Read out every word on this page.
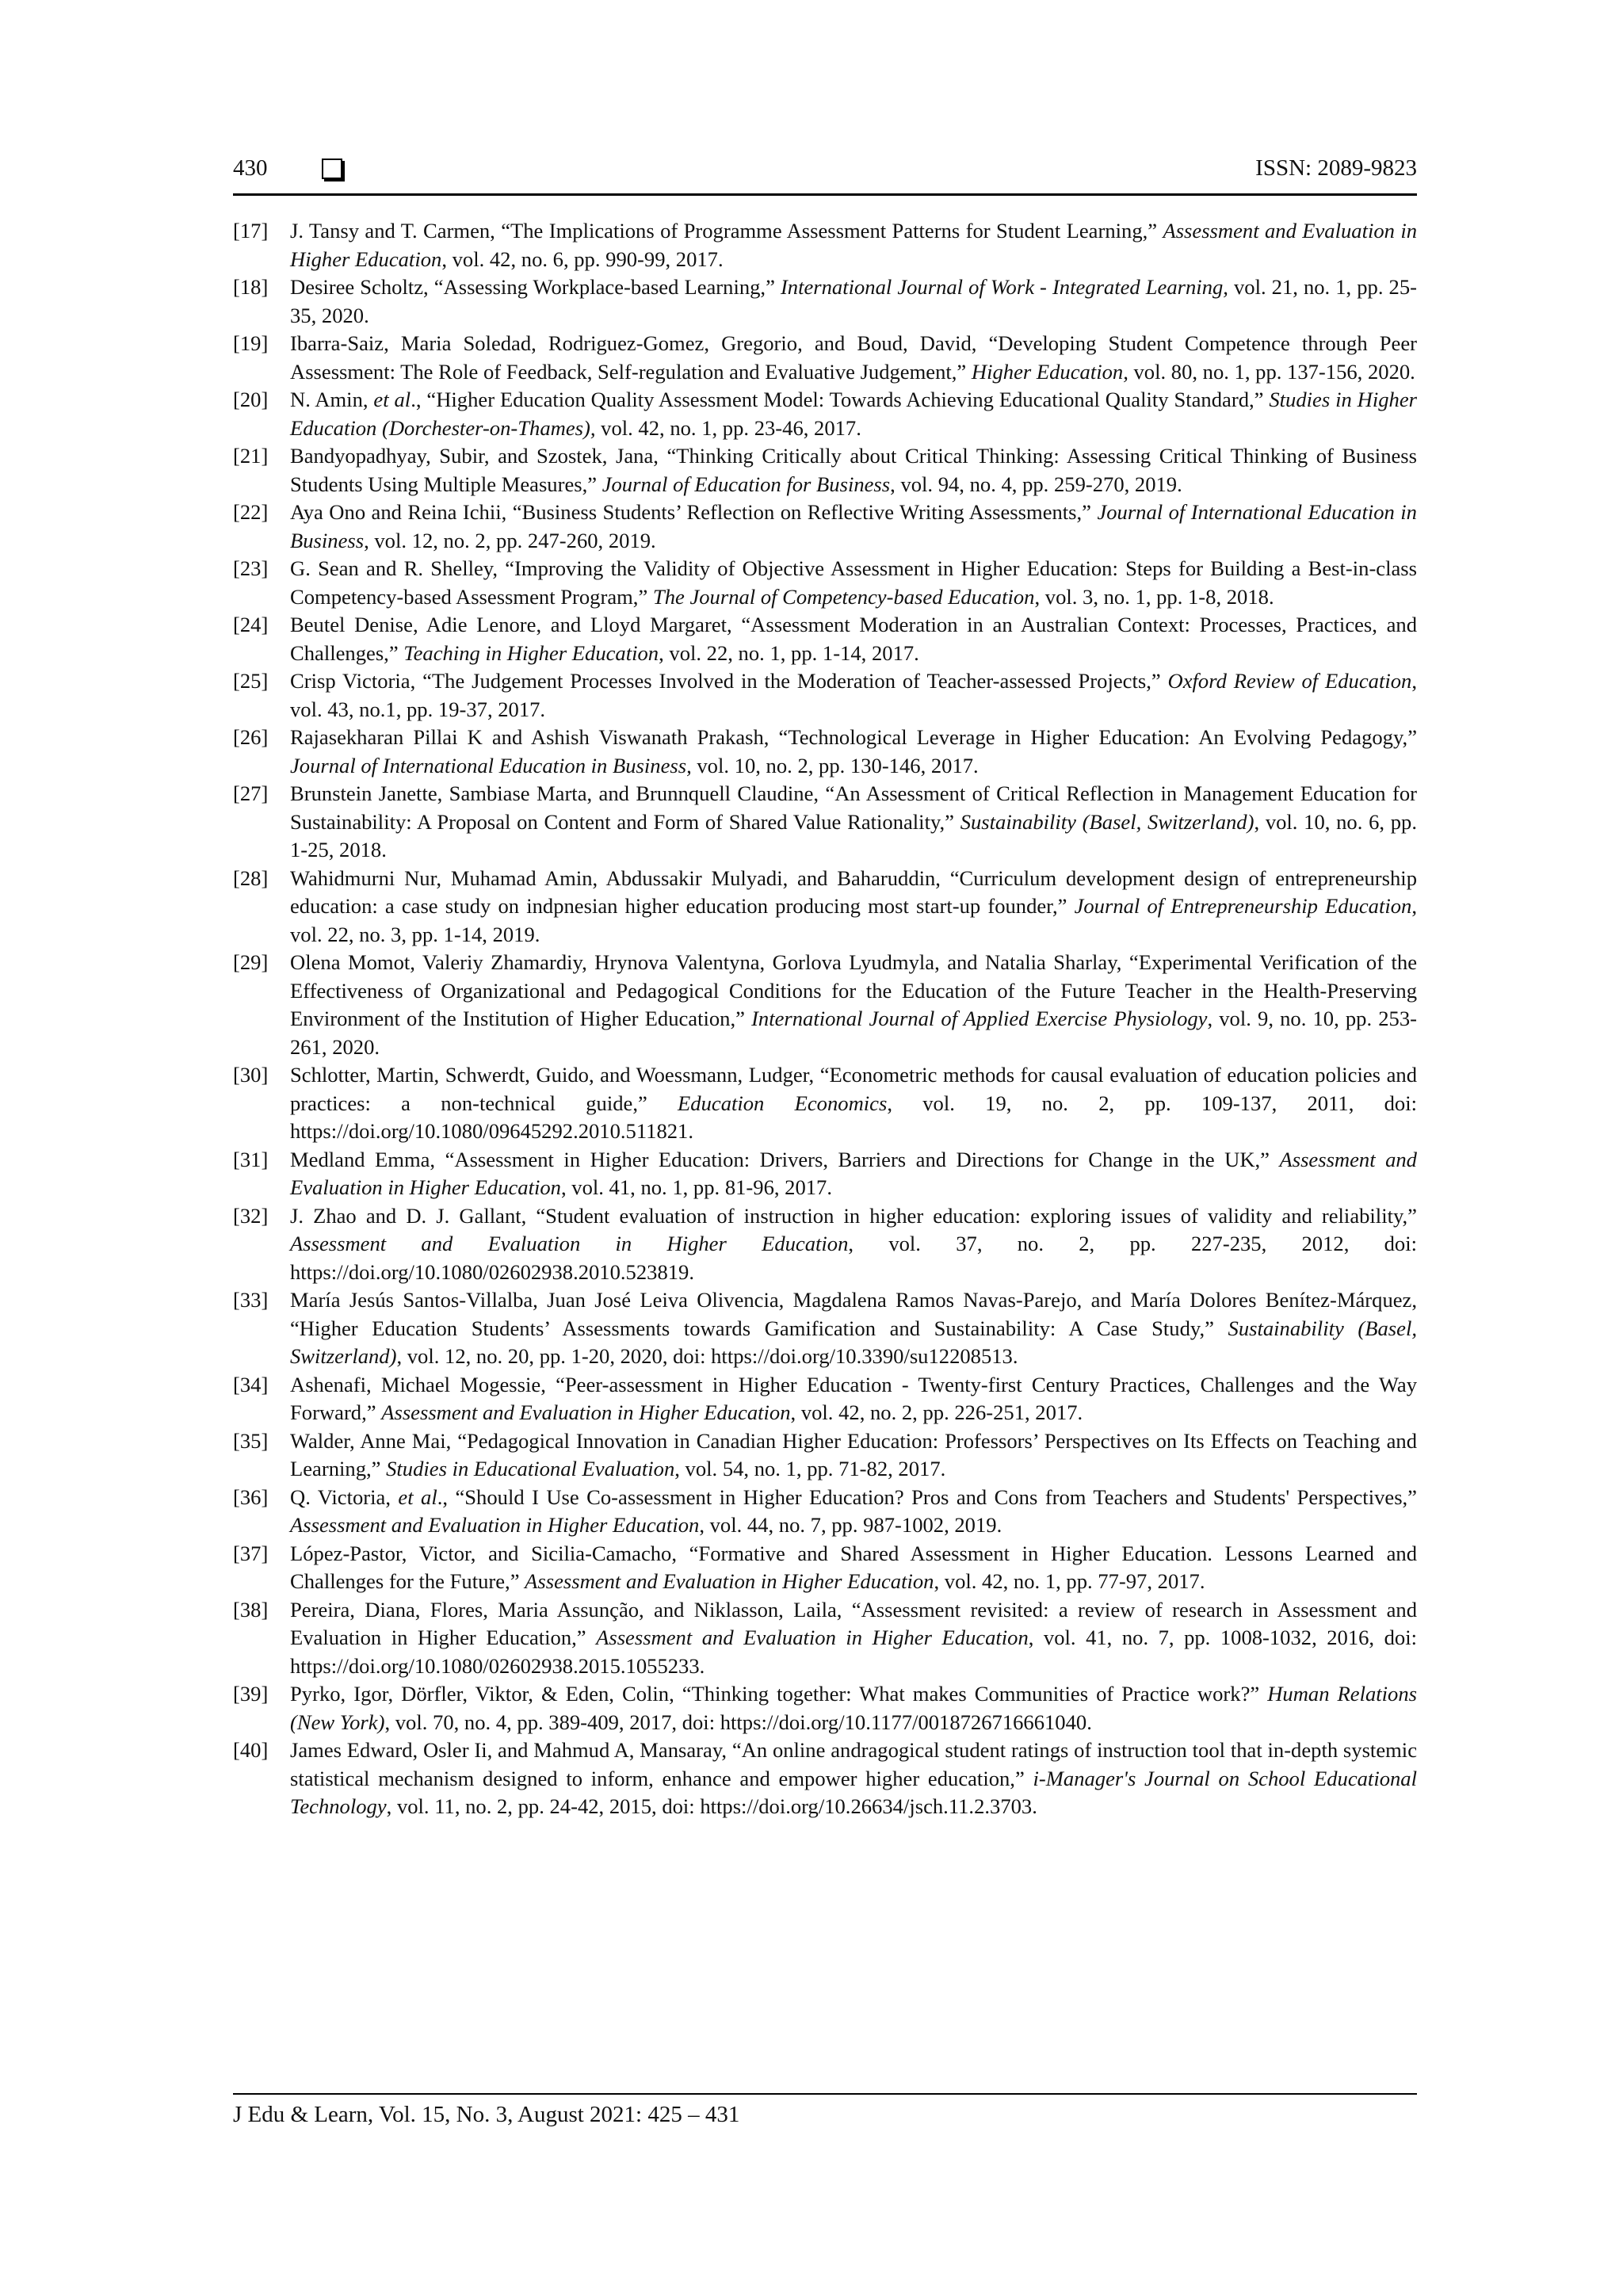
430	ISSN: 2089-9823

[17] J. Tansy and T. Carmen, “The Implications of Programme Assessment Patterns for Student Learning,” Assessment and Evaluation in Higher Education, vol. 42, no. 6, pp. 990-99, 2017.

[18] Desiree Scholtz, “Assessing Workplace-based Learning,” International Journal of Work - Integrated Learning, vol. 21, no. 1, pp. 25-35, 2020.

[19] Ibarra-Saiz, Maria Soledad, Rodriguez-Gomez, Gregorio, and Boud, David, “Developing Student Competence through Peer Assessment: The Role of Feedback, Self-regulation and Evaluative Judgement,” Higher Education, vol. 80, no. 1, pp. 137-156, 2020.

[20] N. Amin, et al., “Higher Education Quality Assessment Model: Towards Achieving Educational Quality Standard,” Studies in Higher Education (Dorchester-on-Thames), vol. 42, no. 1, pp. 23-46, 2017.

[21] Bandyopadhyay, Subir, and Szostek, Jana, “Thinking Critically about Critical Thinking: Assessing Critical Thinking of Business Students Using Multiple Measures,” Journal of Education for Business, vol. 94, no. 4, pp. 259-270, 2019.

[22] Aya Ono and Reina Ichii, “Business Students’ Reflection on Reflective Writing Assessments,” Journal of International Education in Business, vol. 12, no. 2, pp. 247-260, 2019.

[23] G. Sean and R. Shelley, “Improving the Validity of Objective Assessment in Higher Education: Steps for Building a Best-in-class Competency-based Assessment Program,” The Journal of Competency-based Education, vol. 3, no. 1, pp. 1-8, 2018.

[24] Beutel Denise, Adie Lenore, and Lloyd Margaret, “Assessment Moderation in an Australian Context: Processes, Practices, and Challenges,” Teaching in Higher Education, vol. 22, no. 1, pp. 1-14, 2017.

[25] Crisp Victoria, “The Judgement Processes Involved in the Moderation of Teacher-assessed Projects,” Oxford Review of Education, vol. 43, no.1, pp. 19-37, 2017.

[26] Rajasekharan Pillai K and Ashish Viswanath Prakash, “Technological Leverage in Higher Education: An Evolving Pedagogy,” Journal of International Education in Business, vol. 10, no. 2, pp. 130-146, 2017.

[27] Brunstein Janette, Sambiase Marta, and Brunnquell Claudine, “An Assessment of Critical Reflection in Management Education for Sustainability: A Proposal on Content and Form of Shared Value Rationality,” Sustainability (Basel, Switzerland), vol. 10, no. 6, pp. 1-25, 2018.

[28] Wahidmurni Nur, Muhamad Amin, Abdussakir Mulyadi, and Baharuddin, “Curriculum development design of entrepreneurship education: a case study on indpnesian higher education producing most start-up founder,” Journal of Entrepreneurship Education, vol. 22, no. 3, pp. 1-14, 2019.

[29] Olena Momot, Valeriy Zhamardiy, Hrynova Valentyna, Gorlova Lyudmyla, and Natalia Sharlay, “Experimental Verification of the Effectiveness of Organizational and Pedagogical Conditions for the Education of the Future Teacher in the Health-Preserving Environment of the Institution of Higher Education,” International Journal of Applied Exercise Physiology, vol. 9, no. 10, pp. 253-261, 2020.

[30] Schlotter, Martin, Schwerdt, Guido, and Woessmann, Ludger, “Econometric methods for causal evaluation of education policies and practices: a non-technical guide,” Education Economics, vol. 19, no. 2, pp. 109-137, 2011, doi: https://doi.org/10.1080/09645292.2010.511821.

[31] Medland Emma, “Assessment in Higher Education: Drivers, Barriers and Directions for Change in the UK,” Assessment and Evaluation in Higher Education, vol. 41, no. 1, pp. 81-96, 2017.

[32] J. Zhao and D. J. Gallant, “Student evaluation of instruction in higher education: exploring issues of validity and reliability,” Assessment and Evaluation in Higher Education, vol. 37, no. 2, pp. 227-235, 2012, doi: https://doi.org/10.1080/02602938.2010.523819.

[33] María Jesús Santos-Villalba, Juan José Leiva Olivencia, Magdalena Ramos Navas-Parejo, and María Dolores Benítez-Márquez, “Higher Education Students’ Assessments towards Gamification and Sustainability: A Case Study,” Sustainability (Basel, Switzerland), vol. 12, no. 20, pp. 1-20, 2020, doi: https://doi.org/10.3390/su12208513.

[34] Ashenafi, Michael Mogessie, “Peer-assessment in Higher Education - Twenty-first Century Practices, Challenges and the Way Forward,” Assessment and Evaluation in Higher Education, vol. 42, no. 2, pp. 226-251, 2017.

[35] Walder, Anne Mai, “Pedagogical Innovation in Canadian Higher Education: Professors’ Perspectives on Its Effects on Teaching and Learning,” Studies in Educational Evaluation, vol. 54, no. 1, pp. 71-82, 2017.

[36] Q. Victoria, et al., “Should I Use Co-assessment in Higher Education? Pros and Cons from Teachers and Students' Perspectives,” Assessment and Evaluation in Higher Education, vol. 44, no. 7, pp. 987-1002, 2019.

[37] López-Pastor, Victor, and Sicilia-Camacho, “Formative and Shared Assessment in Higher Education. Lessons Learned and Challenges for the Future,” Assessment and Evaluation in Higher Education, vol. 42, no. 1, pp. 77-97, 2017.

[38] Pereira, Diana, Flores, Maria Assunção, and Niklasson, Laila, “Assessment revisited: a review of research in Assessment and Evaluation in Higher Education,” Assessment and Evaluation in Higher Education, vol. 41, no. 7, pp. 1008-1032, 2016, doi: https://doi.org/10.1080/02602938.2015.1055233.

[39] Pyrko, Igor, Dörfler, Viktor, & Eden, Colin, “Thinking together: What makes Communities of Practice work?” Human Relations (New York), vol. 70, no. 4, pp. 389-409, 2017, doi: https://doi.org/10.1177/0018726716661040.

[40] James Edward, Osler Ii, and Mahmud A, Mansaray, “An online andragogical student ratings of instruction tool that in-depth systemic statistical mechanism designed to inform, enhance and empower higher education,” i-Manager's Journal on School Educational Technology, vol. 11, no. 2, pp. 24-42, 2015, doi: https://doi.org/10.26634/jsch.11.2.3703.

J Edu & Learn, Vol. 15, No. 3, August 2021: 425 – 431
